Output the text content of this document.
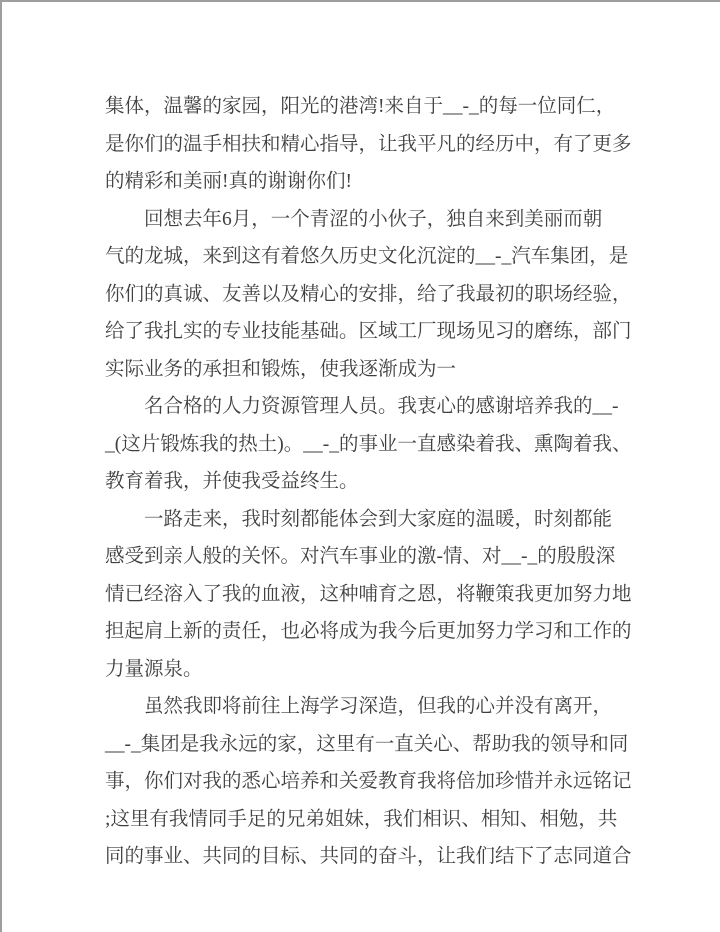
集体，温馨的家园，阳光的港湾!来自于__-_的每一位同仁，
是你们的温手相扶和精心指导，让我平凡的经历中，有了更多
的精彩和美丽!真的谢谢你们!
回想去年6月，一个青涩的小伙子，独自来到美丽而朝
气的龙城，来到这有着悠久历史文化沉淀的__-_汽车集团，是
你们的真诚、友善以及精心的安排，给了我最初的职场经验，
给了我扎实的专业技能基础。区域工厂现场见习的磨练，部门
实际业务的承担和锻炼，使我逐渐成为一
名合格的人力资源管理人员。我衷心的感谢培养我的__-
_(这片锻炼我的热土)。__-_的事业一直感染着我、熏陶着我、
教育着我，并使我受益终生。
一路走来，我时刻都能体会到大家庭的温暖，时刻都能
感受到亲人般的关怀。对汽车事业的激-情、对__-_的殷殷深
情已经溶入了我的血液，这种哺育之恩，将鞭策我更加努力地
担起肩上新的责任，也必将成为我今后更加努力学习和工作的
力量源泉。
虽然我即将前往上海学习深造，但我的心并没有离开，
__-_集团是我永远的家，这里有一直关心、帮助我的领导和同
事，你们对我的悉心培养和关爱教育我将倍加珍惜并永远铭记
;这里有我情同手足的兄弟姐妹，我们相识、相知、相勉，共
同的事业、共同的目标、共同的奋斗，让我们结下了志同道合
